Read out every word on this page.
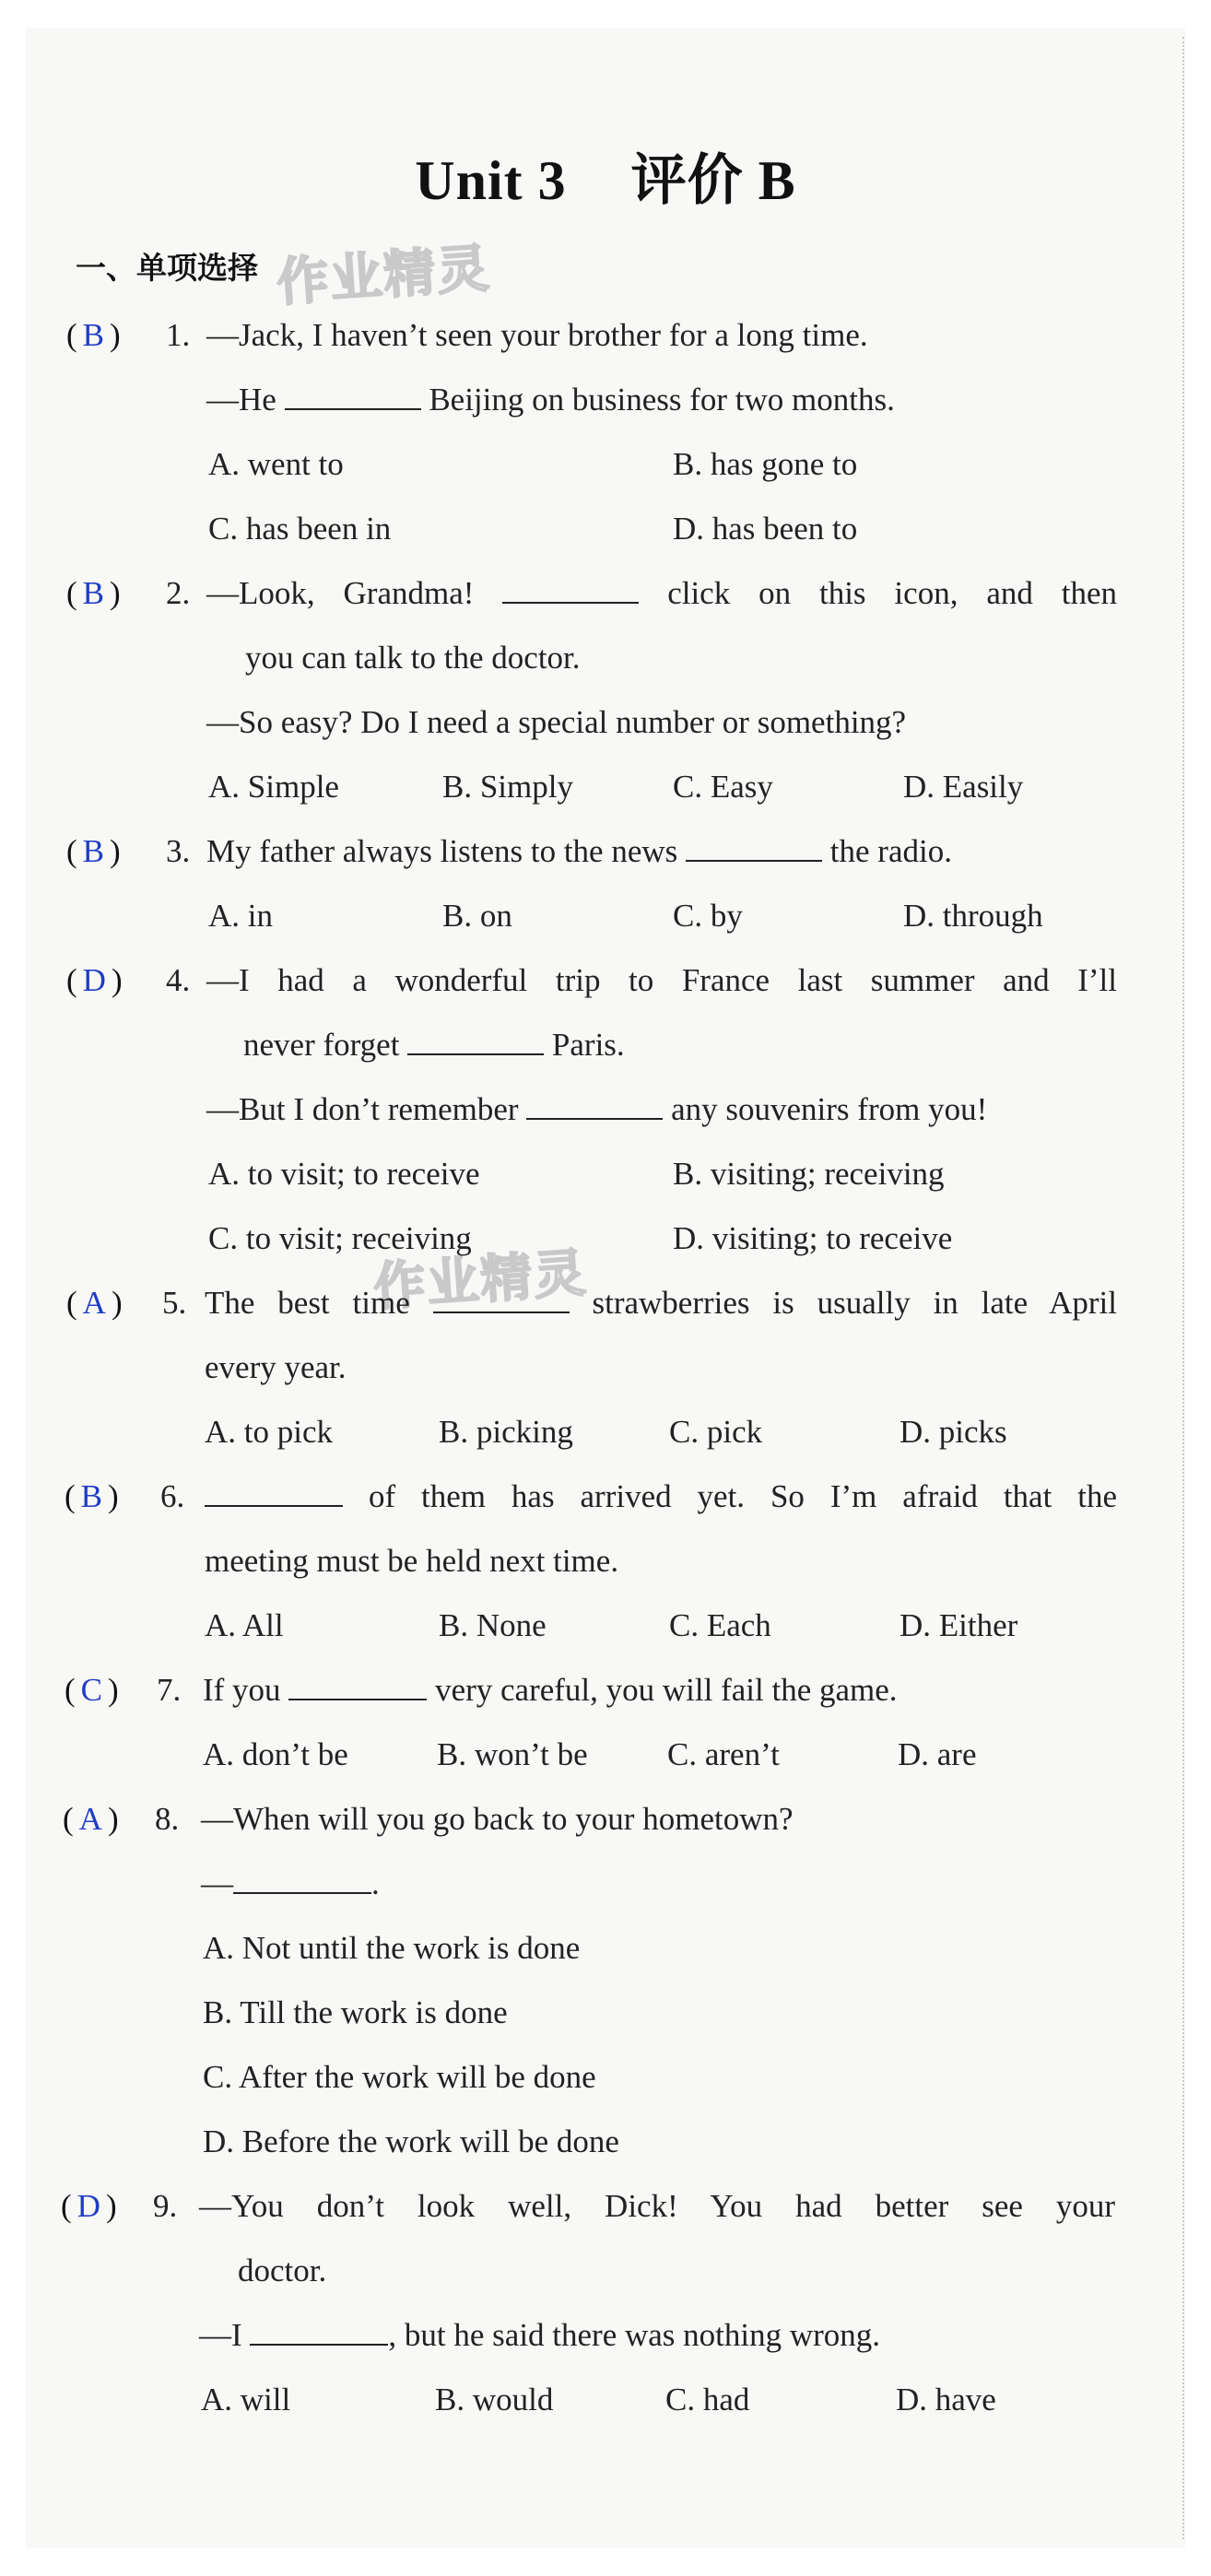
Unit 3 评价 B
一、单项选择 作业精灵
作业精灵
( B ) 1. —Jack, I haven’t seen your brother for a long time.
—He	Beijing on business for two months.
A. went to	B. has gone to
C. has been in	D. has been to
( B ) 2. —Look, Grandma!	click on this icon, and then
you can talk to the doctor.
—So easy? Do I need a special number or something?
A. Simple	B. Simply	C. Easy	D. Easily
( B ) 3. My father always listens to the news	the radio.
A. in	B. on	C. by	D. through
( D ) 4. —I had a wonderful trip to France last summer and I’ll
never forget	Paris.
—But I don’t remember	any souvenirs from you!
A. to visit; to receive	B. visiting; receiving
C. to visit; receiving	D. visiting; to receive
( A ) 5. The best time	strawberries is usually in late April
every year.
A. to pick	B. picking	C. pick	D. picks
( B ) 6.	of them has arrived yet. So I’m afraid that the
meeting must be held next time.
A. All	B. None	C. Each	D. Either
( C ) 7. If you	very careful, you will fail the game.
A. don’t be	B. won’t be C. aren’t	D. are
( A ) 8. —When will you go back to your hometown?
—	.
A. Not until the work is done
B. Till the work is done
C. After the work will be done
D. Before the work will be done
( D ) 9. —You don’t look well, Dick! You had better see your
doctor.
—I	, but he said there was nothing wrong.
A. will	B. would	C. had	D. have
